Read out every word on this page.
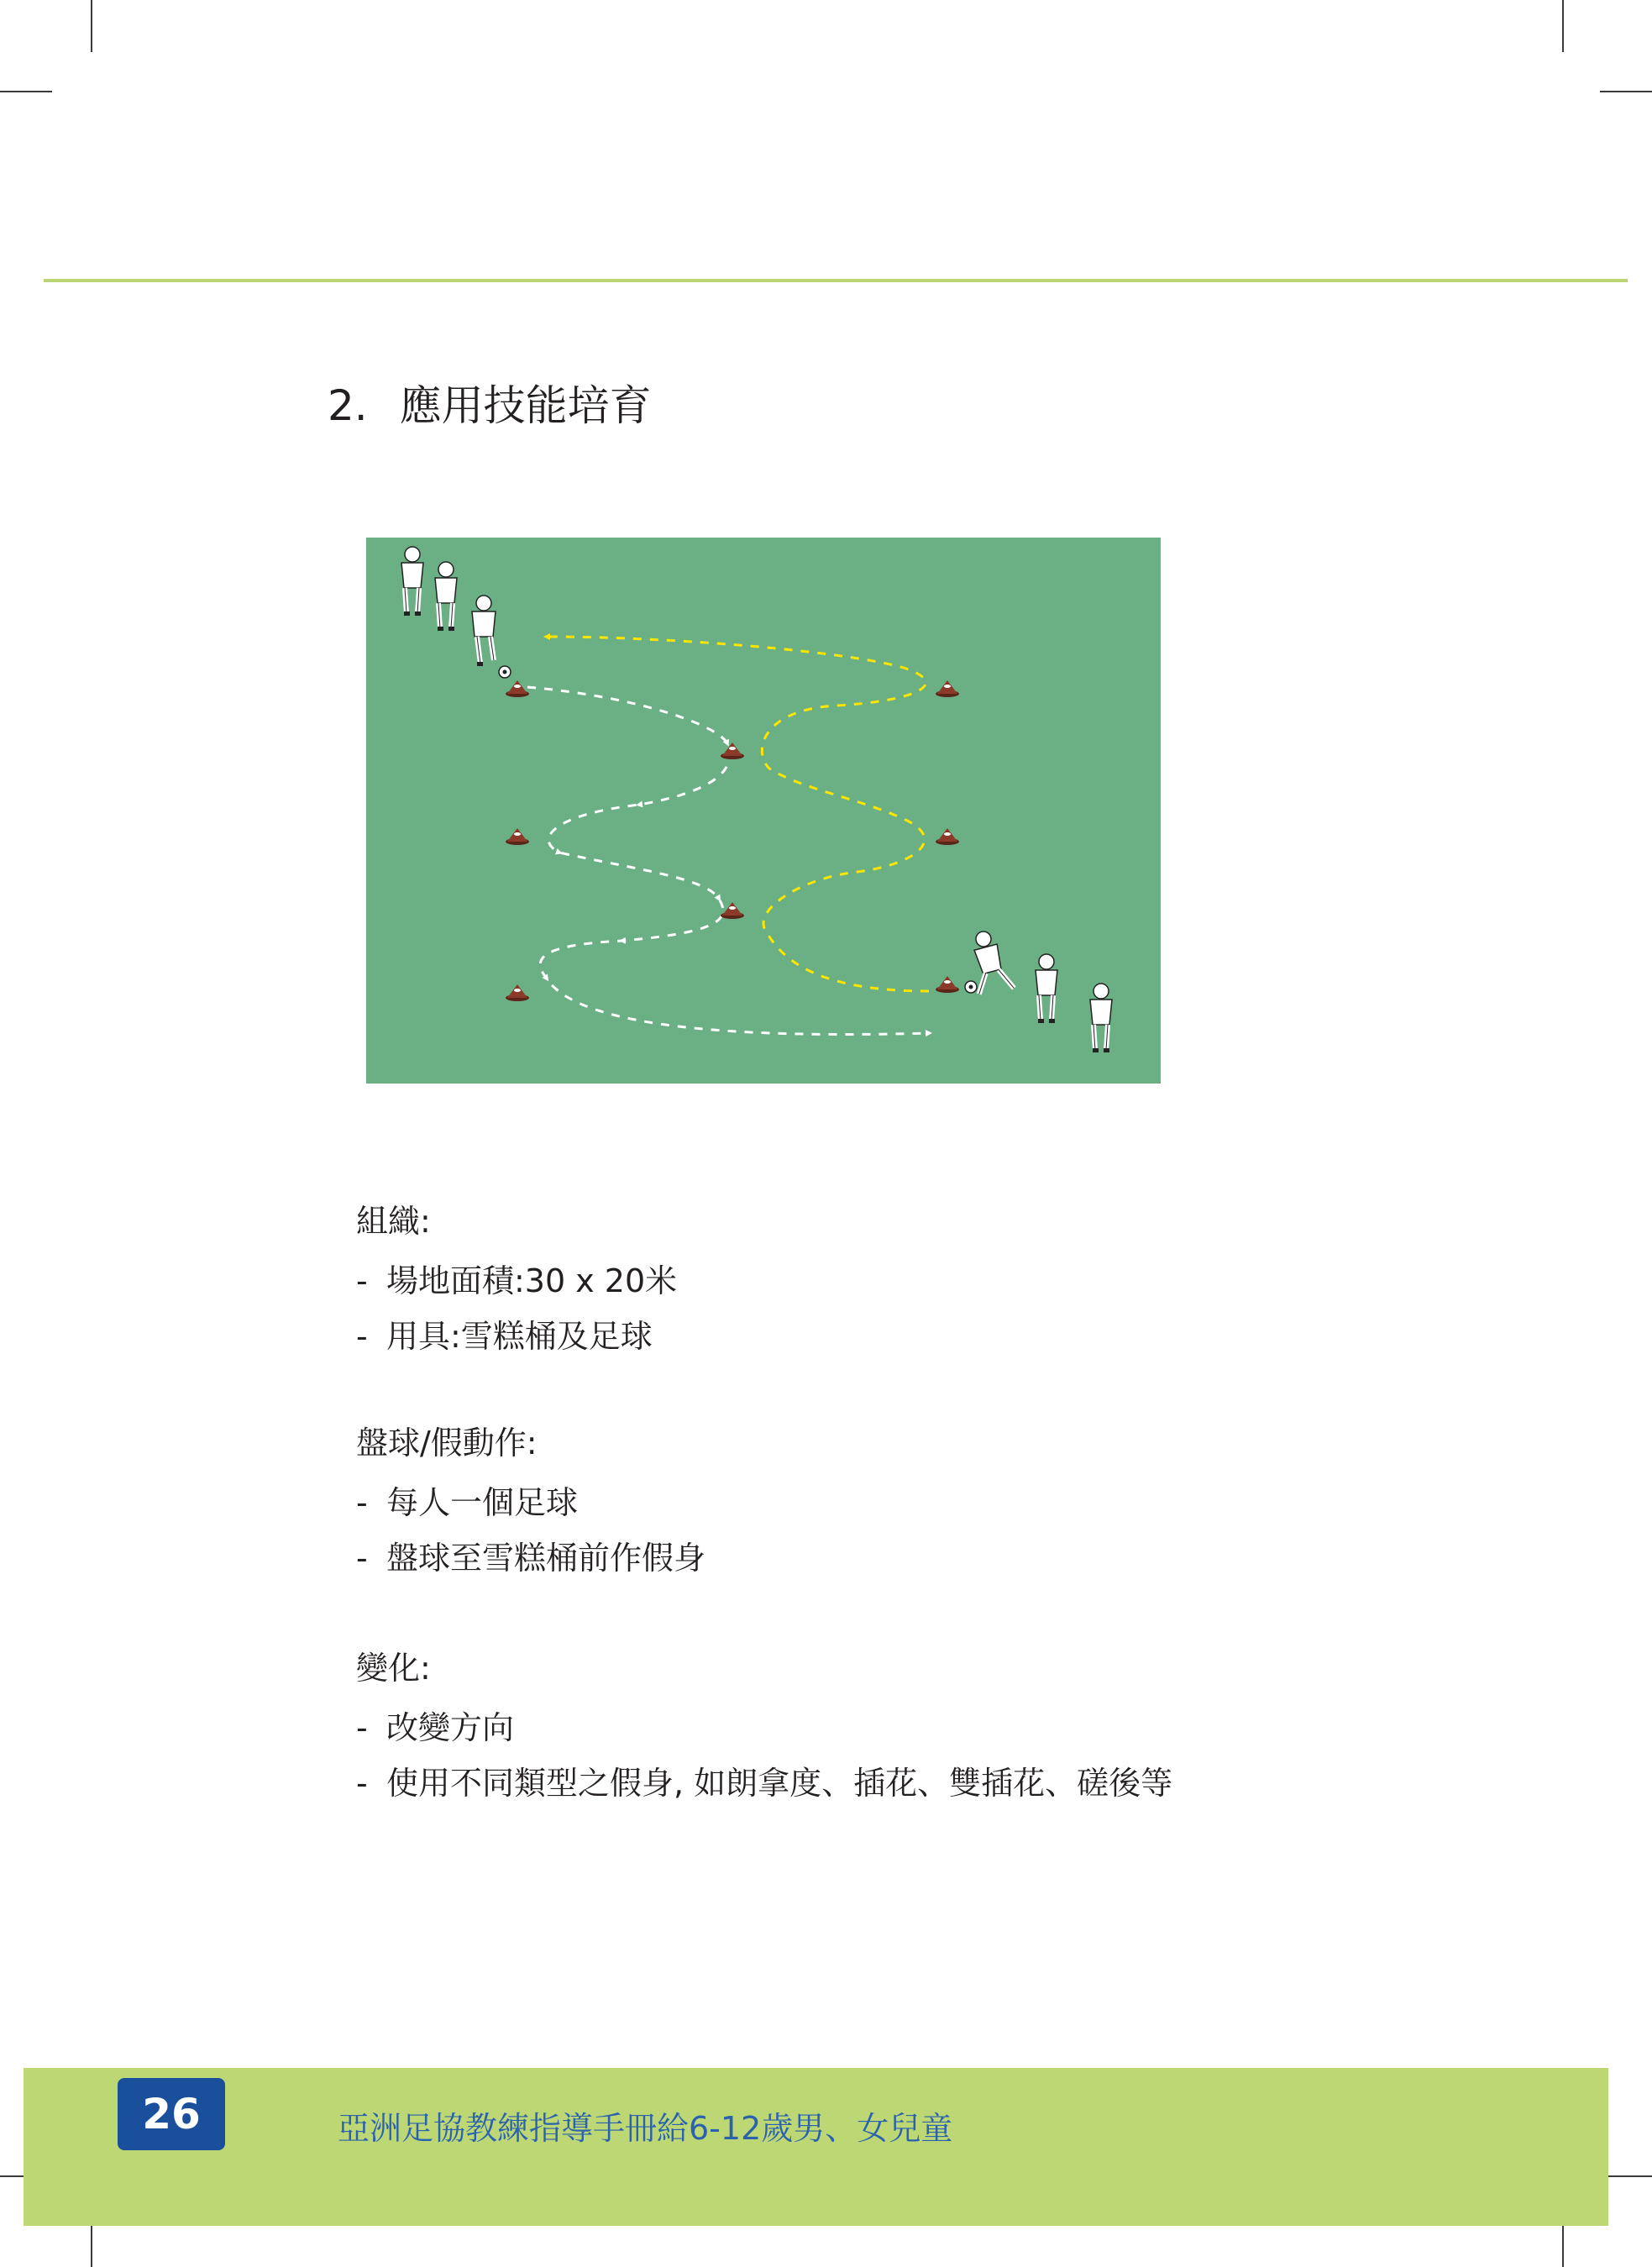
2. 應用技能培育
組織:
- 場地面積:30 x 20米
- 用具:雪糕桶及足球
盤球/假動作:
- 每人一個足球
- 盤球至雪糕桶前作假身
變化:
- 改變方向
- 使用不同類型之假身, 如朗拿度、插花、雙插花、磋後等
26	亞洲足協教練指導手冊給6-12歲男、女兒童
